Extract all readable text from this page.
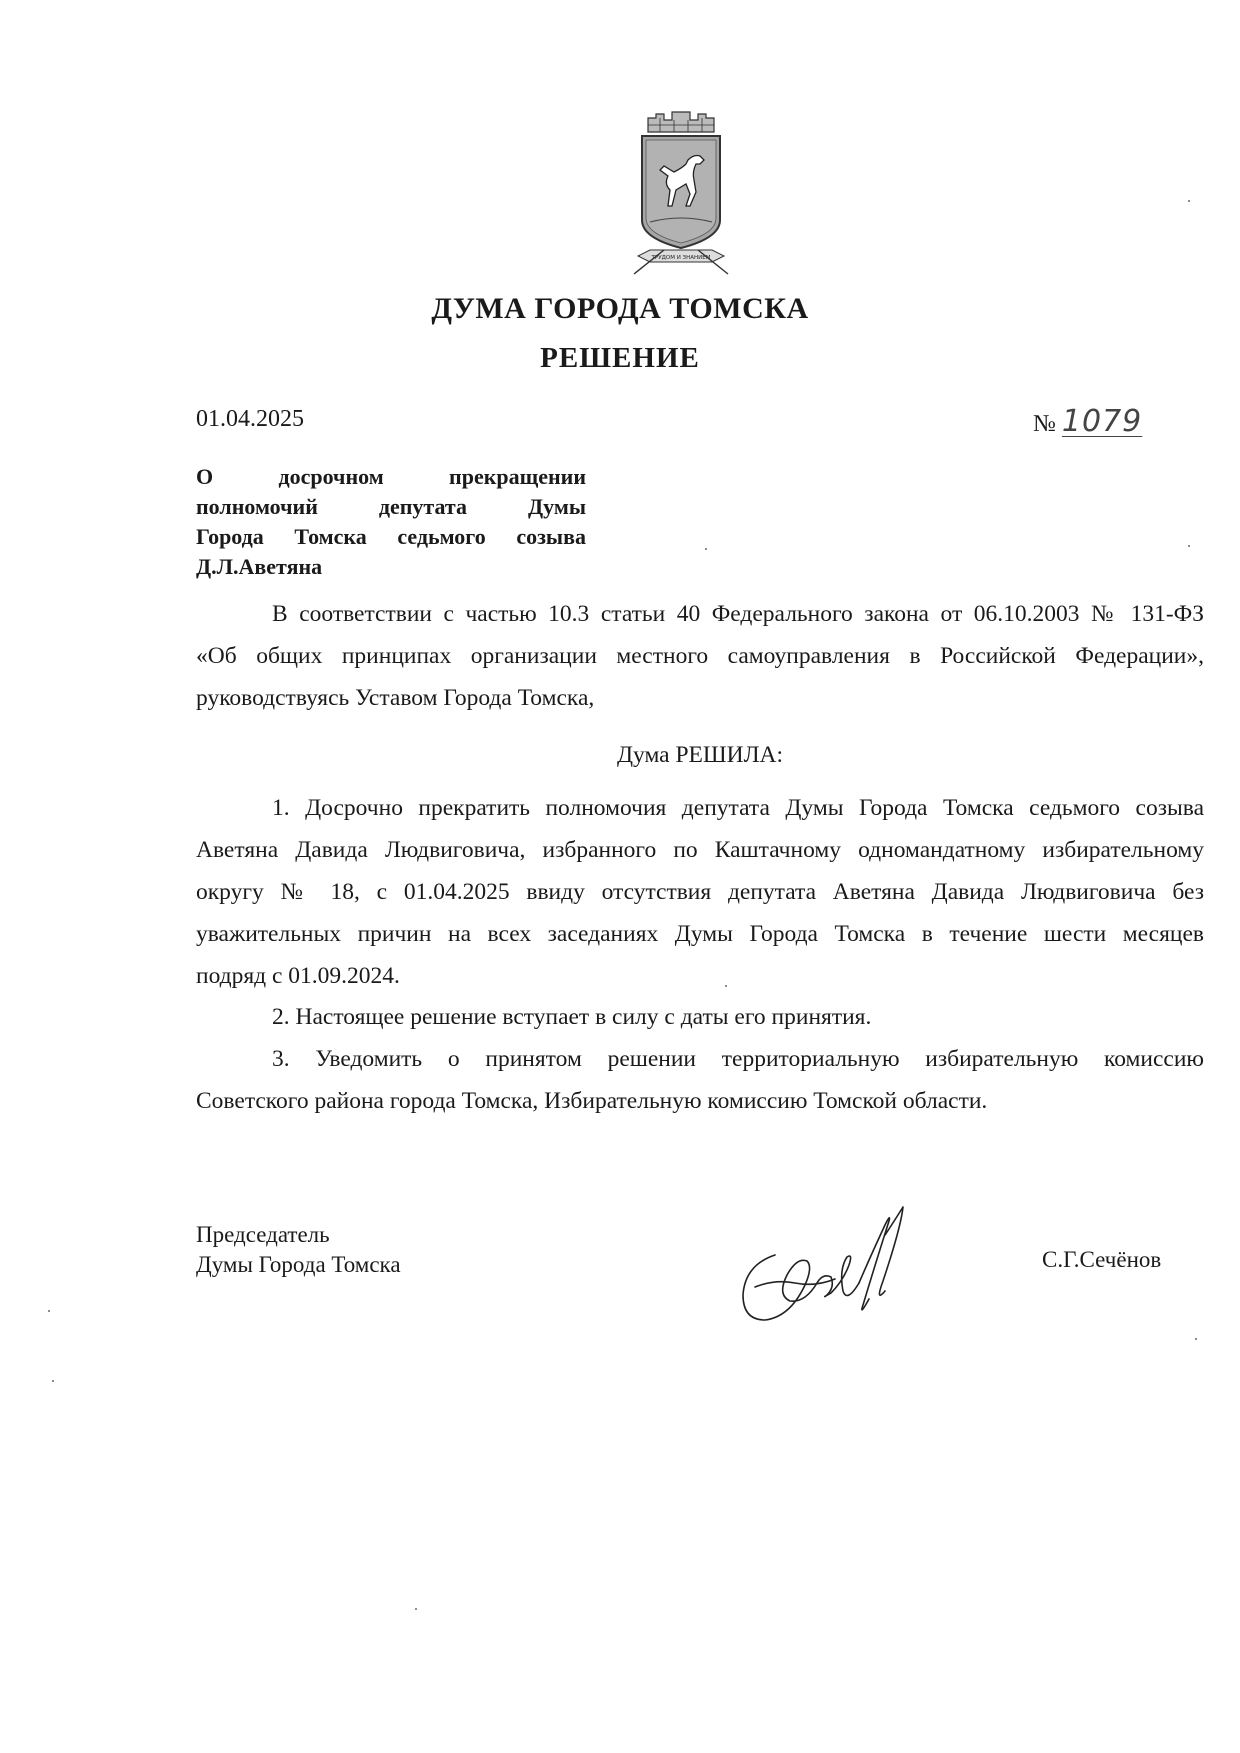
ТРУДОМ И ЗНАНИЕМ
ДУМА ГОРОДА ТОМСКА
РЕШЕНИЕ
01.04.2025	№ 1079
О досрочном прекращении
полномочий депутата Думы
Города Томска седьмого созыва
Д.Л.Аветяна
В соответствии с частью 10.3 статьи 40 Федерального закона от 06.10.2003 № 131-ФЗ
«Об общих принципах организации местного самоуправления в Российской Федерации»,
руководствуясь Уставом Города Томска,
Дума РЕШИЛА:
1. Досрочно прекратить полномочия депутата Думы Города Томска седьмого созыва
Аветяна Давида Людвиговича, избранного по Каштачному одномандатному избирательному
округу № 18, с 01.04.2025 ввиду отсутствия депутата Аветяна Давида Людвиговича без
уважительных причин на всех заседаниях Думы Города Томска в течение шести месяцев
подряд с 01.09.2024.
2. Настоящее решение вступает в силу с даты его принятия.
3. Уведомить о принятом решении территориальную избирательную комиссию
Советского района города Томска, Избирательную комиссию Томской области.
Председатель
Думы Города Томска	С.Г.Сечёнов
